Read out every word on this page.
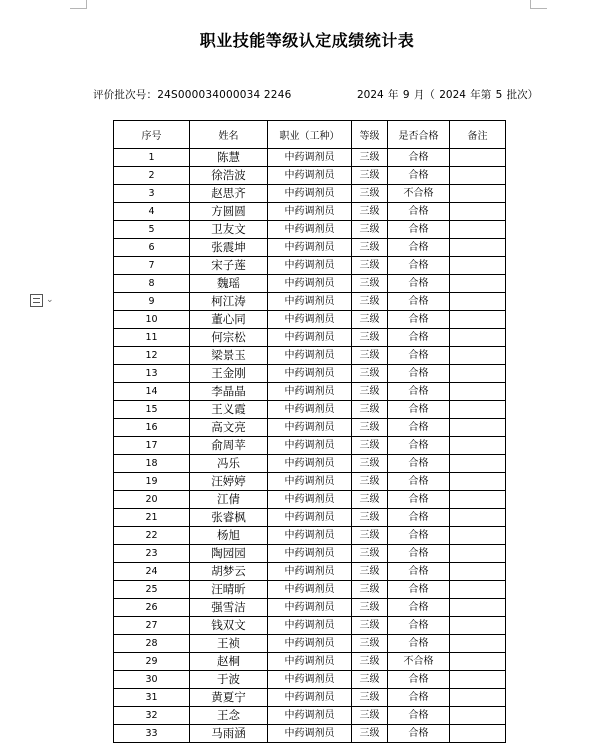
职业技能等级认定成绩统计表
评价批次号：24S000034000034 2246	2024 年 9 月（ 2024 年第 5 批次）
⌄
序号	姓名	职业（工种）	等级	是否合格	备注
1	陈慧	中药调剂员	三级	合格	
2	徐浩波	中药调剂员	三级	合格	
3	赵思齐	中药调剂员	三级	不合格	
4	方圆圆	中药调剂员	三级	合格	
5	卫友文	中药调剂员	三级	合格	
6	张震坤	中药调剂员	三级	合格	
7	宋子莲	中药调剂员	三级	合格	
8	魏瑶	中药调剂员	三级	合格	
9	柯江涛	中药调剂员	三级	合格	
10	董心同	中药调剂员	三级	合格	
11	何宗松	中药调剂员	三级	合格	
12	梁景玉	中药调剂员	三级	合格	
13	王金刚	中药调剂员	三级	合格	
14	李晶晶	中药调剂员	三级	合格	
15	王义霞	中药调剂员	三级	合格	
16	高文亮	中药调剂员	三级	合格	
17	俞周苹	中药调剂员	三级	合格	
18	冯乐	中药调剂员	三级	合格	
19	汪婷婷	中药调剂员	三级	合格	
20	江倩	中药调剂员	三级	合格	
21	张睿枫	中药调剂员	三级	合格	
22	杨旭	中药调剂员	三级	合格	
23	陶园园	中药调剂员	三级	合格	
24	胡梦云	中药调剂员	三级	合格	
25	汪晴昕	中药调剂员	三级	合格	
26	强雪洁	中药调剂员	三级	合格	
27	钱双文	中药调剂员	三级	合格	
28	王祯	中药调剂员	三级	合格	
29	赵桐	中药调剂员	三级	不合格	
30	于波	中药调剂员	三级	合格	
31	黄夏宁	中药调剂员	三级	合格	
32	王念	中药调剂员	三级	合格	
33	马雨涵	中药调剂员	三级	合格	
